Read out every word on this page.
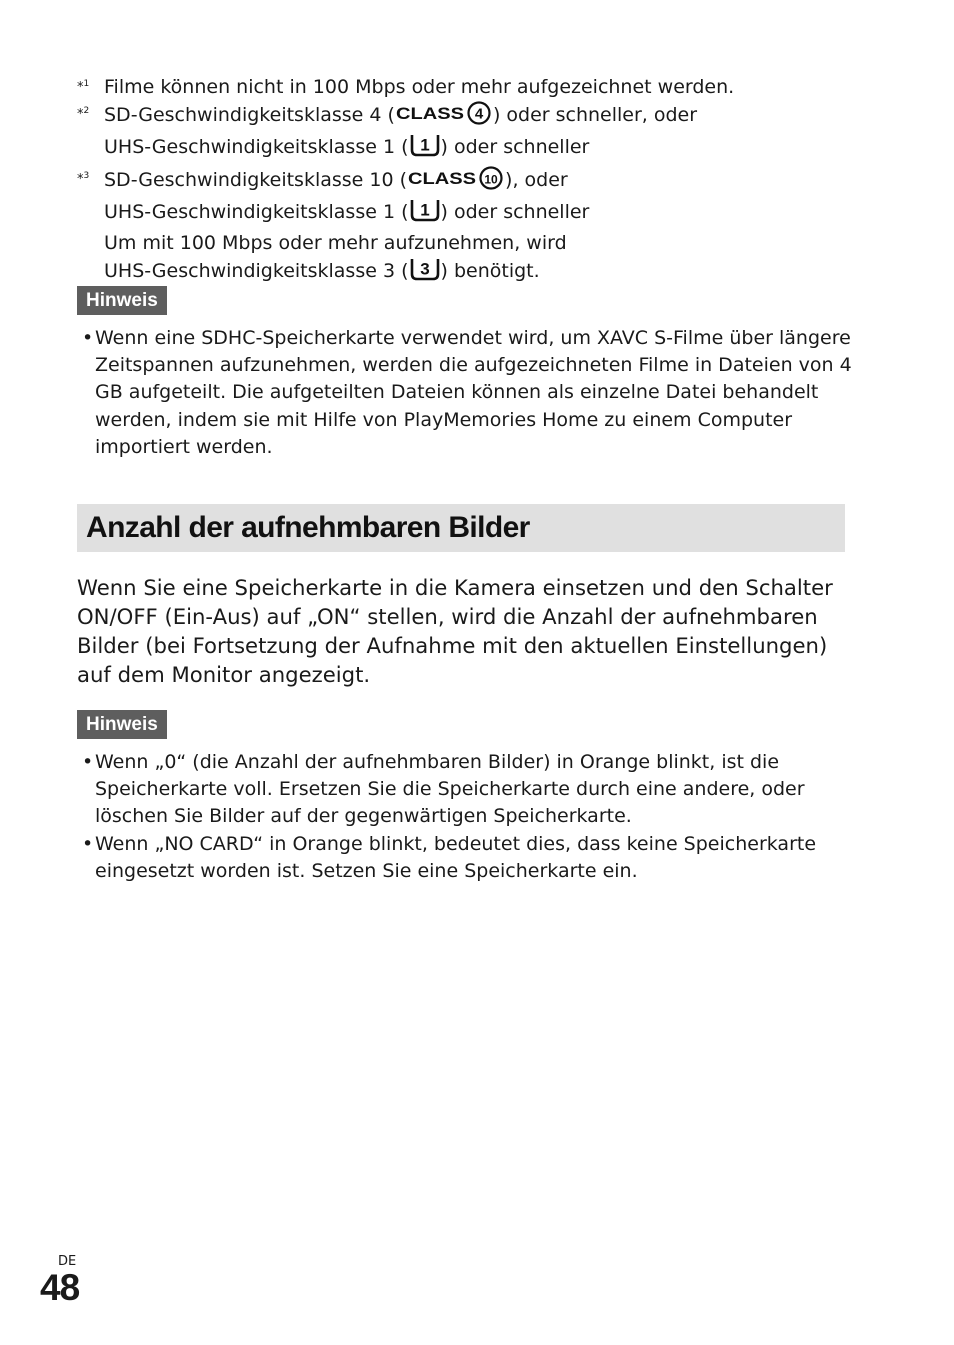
*$^1$ Filme können nicht in 100 Mbps oder mehr aufgezeichnet werden.
*$^2$ SD-Geschwindigkeitsklasse 4 ( CLASS 4 ) oder schneller, oder
UHS-Geschwindigkeitsklasse 1 ( 1 ) oder schneller
*$^3$ SD-Geschwindigkeitsklasse 10 ( CLASS 10 ), oder
UHS-Geschwindigkeitsklasse 1 ( 1 ) oder schneller
Um mit 100 Mbps oder mehr aufzunehmen, wird
UHS-Geschwindigkeitsklasse 3 ( 3 ) benötigt.
Hinweis
• Wenn eine SDHC-Speicherkarte verwendet wird, um XAVC S-Filme über längere Zeitspannen aufzunehmen, werden die aufgezeichneten Filme in Dateien von 4 GB aufgeteilt. Die aufgeteilten Dateien können als einzelne Datei behandelt werden, indem sie mit Hilfe von PlayMemories Home zu einem Computer importiert werden.
Anzahl der aufnehmbaren Bilder
Wenn Sie eine Speicherkarte in die Kamera einsetzen und den Schalter ON/OFF (Ein-Aus) auf „ON“ stellen, wird die Anzahl der aufnehmbaren Bilder (bei Fortsetzung der Aufnahme mit den aktuellen Einstellungen) auf dem Monitor angezeigt.
Hinweis
• Wenn „0“ (die Anzahl der aufnehmbaren Bilder) in Orange blinkt, ist die Speicherkarte voll. Ersetzen Sie die Speicherkarte durch eine andere, oder löschen Sie Bilder auf der gegenwärtigen Speicherkarte.
• Wenn „NO CARD“ in Orange blinkt, bedeutet dies, dass keine Speicherkarte eingesetzt worden ist. Setzen Sie eine Speicherkarte ein.
DE
48
